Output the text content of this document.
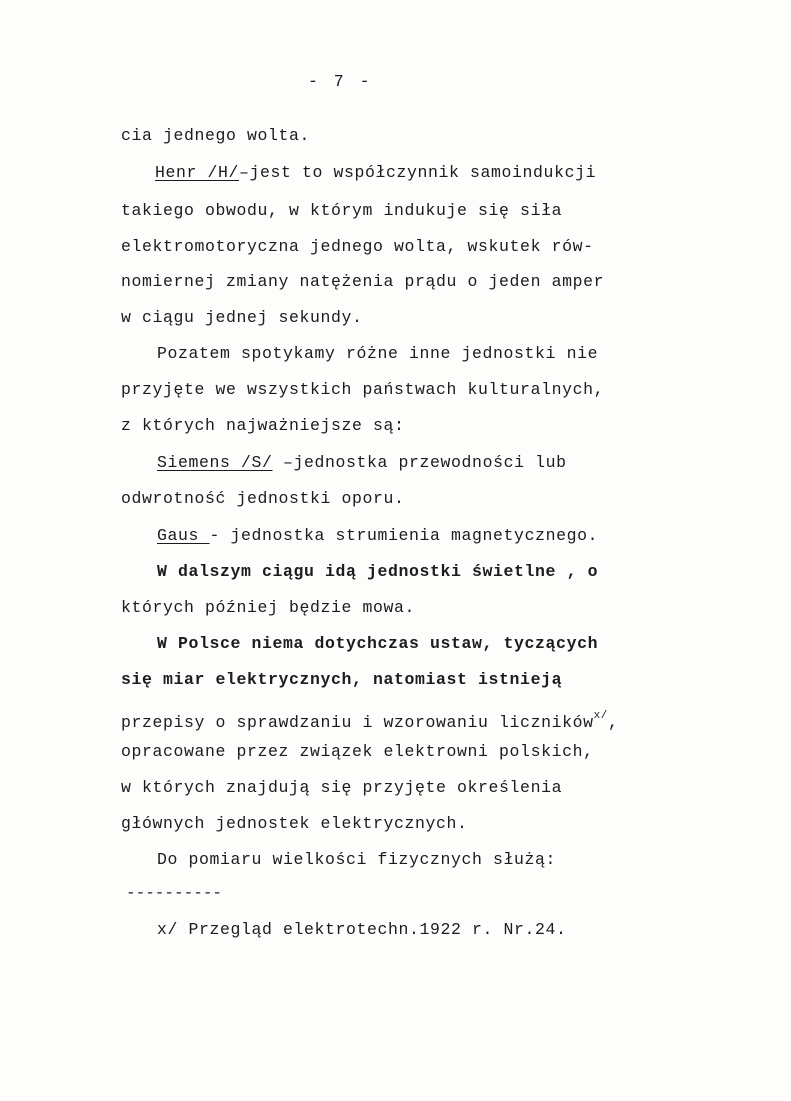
- 7 -
cia jednego wolta.
Henr /H/–jest to współczynnik samoindukcji
takiego obwodu, w którym indukuje się siła
elektromotoryczna jednego wolta, wskutek rów-
nomiernej zmiany natężenia prądu o jeden amper
w ciągu jednej sekundy.
Pozatem spotykamy różne inne jednostki nie
przyjęte we wszystkich państwach kulturalnych,
z których najważniejsze są:
Siemens /S/ –jednostka przewodności lub
odwrotność jednostki oporu.
Gaus - jednostka strumienia magnetycznego.
W dalszym ciągu idą jednostki świetlne , o
których później będzie mowa.
W Polsce niema dotychczas ustaw, tyczących
się miar elektrycznych, natomiast istnieją
przepisy o sprawdzaniu i wzorowaniu liczników$^{x/}$,
opracowane przez związek elektrowni polskich,
w których znajdują się przyjęte określenia
głównych jednostek elektrycznych.
Do pomiaru wielkości fizycznych służą:
----------
x/ Przegląd elektrotechn.1922 r. Nr.24.
